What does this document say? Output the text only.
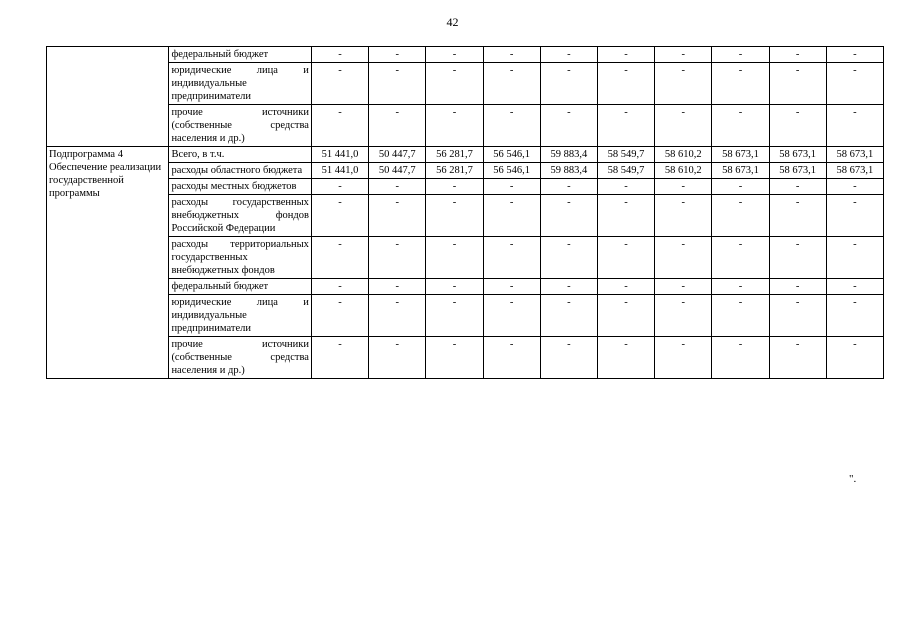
42
	федеральный бюджет	-	-	-	-	-	-	-	-	-	-
	юридические лица и индивидуальные предприниматели	-	-	-	-	-	-	-	-	-	-
	прочие источники (собственные средства населения и др.)	-	-	-	-	-	-	-	-	-	-
Подпрограмма 4 Обеспечение реализации государственной программы	Всего, в т.ч.	51 441,0	50 447,7	56 281,7	56 546,1	59 883,4	58 549,7	58 610,2	58 673,1	58 673,1	58 673,1
	расходы областного бюджета	51 441,0	50 447,7	56 281,7	56 546,1	59 883,4	58 549,7	58 610,2	58 673,1	58 673,1	58 673,1
	расходы местных бюджетов	-	-	-	-	-	-	-	-	-	-
	расходы государственных внебюджетных фондов Российской Федерации	-	-	-	-	-	-	-	-	-	-
	расходы территориальных государственных внебюджетных фондов	-	-	-	-	-	-	-	-	-	-
	федеральный бюджет	-	-	-	-	-	-	-	-	-	-
	юридические лица и индивидуальные предприниматели	-	-	-	-	-	-	-	-	-	-
	прочие источники (собственные средства населения и др.)	-	-	-	-	-	-	-	-	-	-
".
